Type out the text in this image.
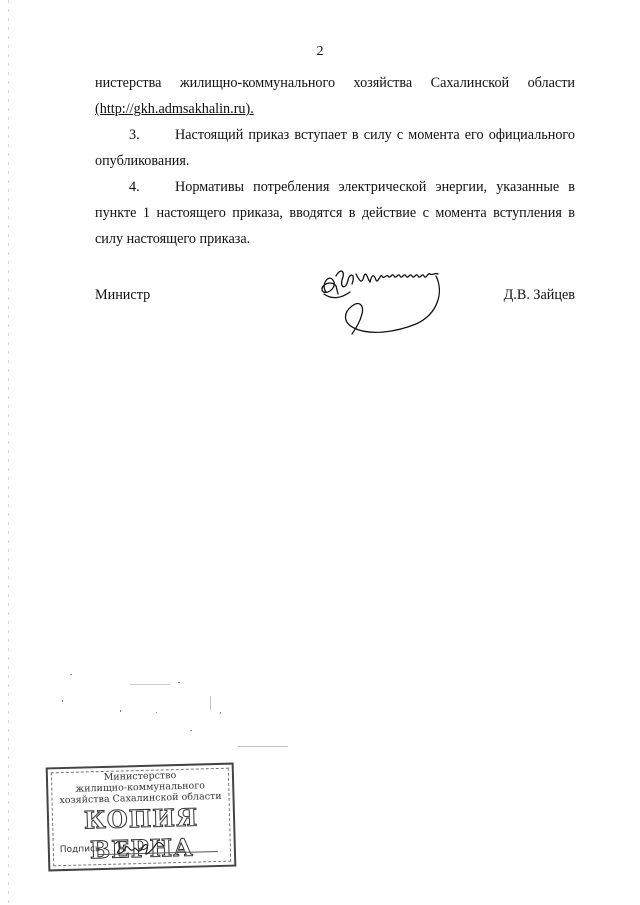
2
нистерства жилищно-коммунального хозяйства Сахалинской области
(http://gkh.admsakhalin.ru).
3. Настоящий приказ вступает в силу с момента его официального
опубликования.
4. Нормативы потребления электрической энергии, указанные в
пункте 1 настоящего приказа, вводятся в действие с момента вступления в
силу настоящего приказа.
Министр	Д.В. Зайцев
Министерство
жилищно-коммунального
хозяйства Сахалинской области
КОПИЯ ВЕРНА
Подпись
